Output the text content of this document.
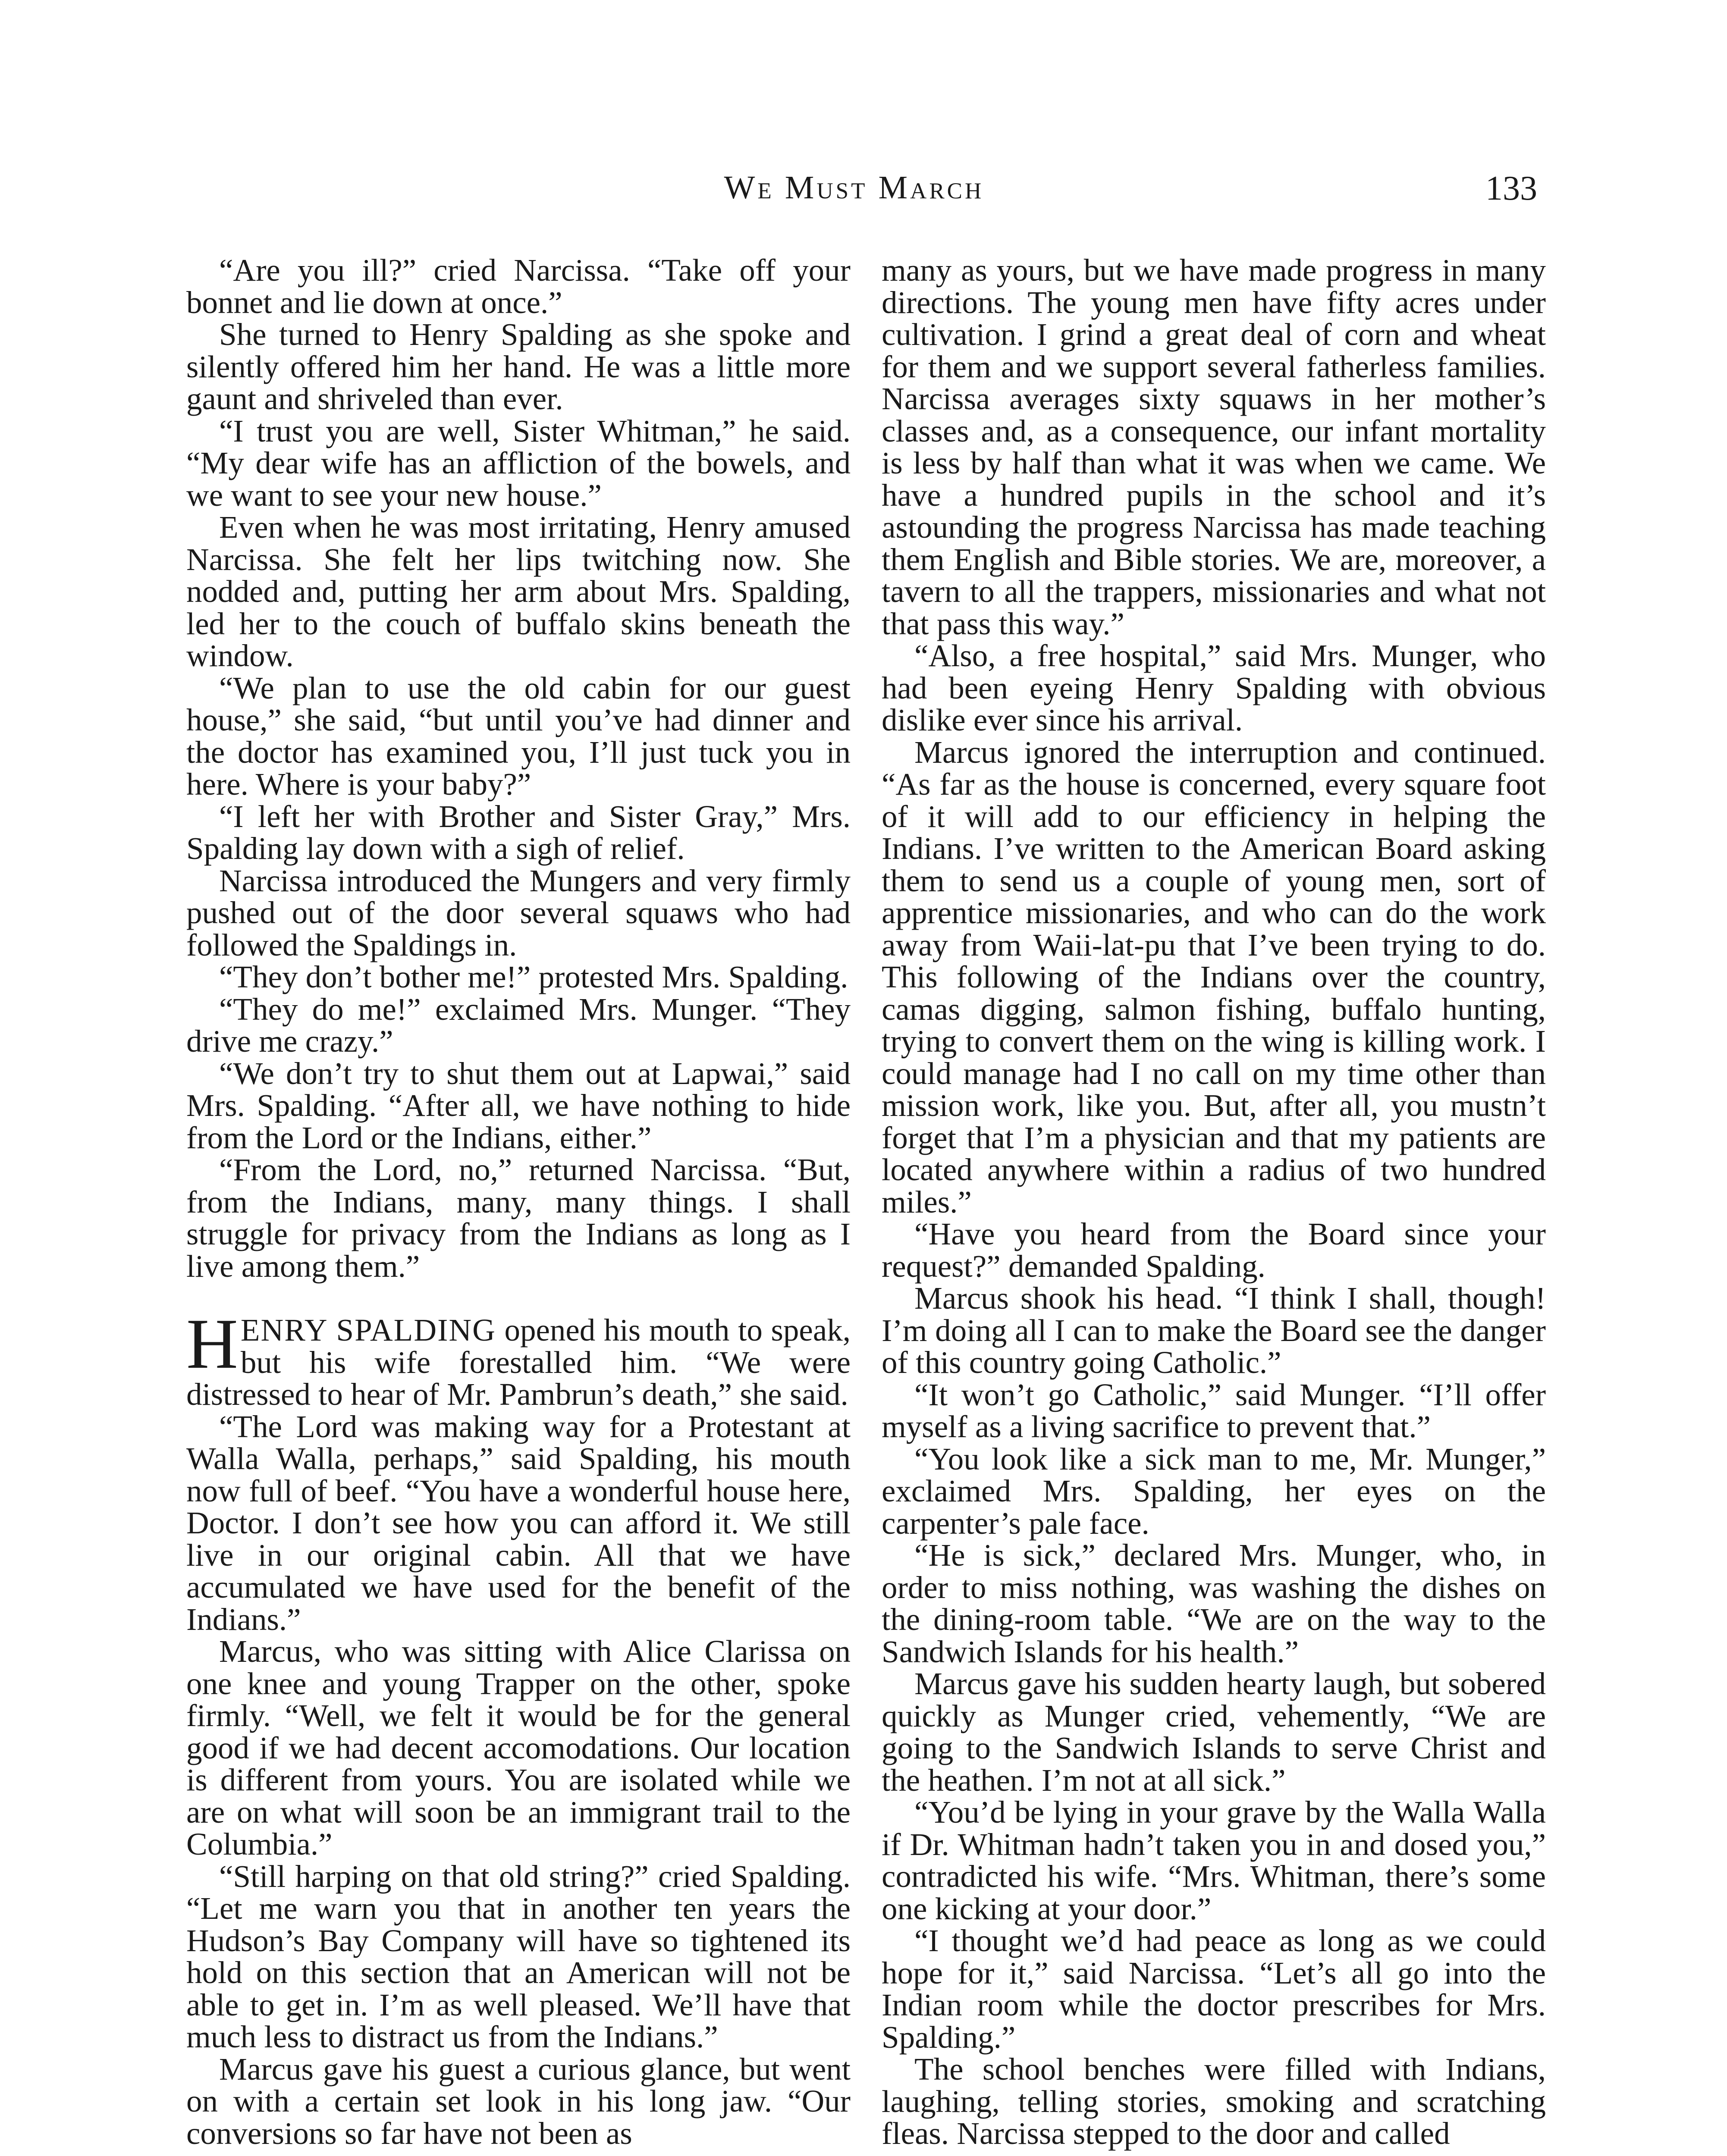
We Must March	133

“Are you ill?” cried Narcissa. “Take off your bonnet and lie down at once.”

She turned to Henry Spalding as she spoke and silently offered him her hand. He was a little more gaunt and shriveled than ever.

“I trust you are well, Sister Whitman,” he said. “My dear wife has an affliction of the bowels, and we want to see your new house.”

Even when he was most irritating, Henry amused Narcissa. She felt her lips twitching now. She nodded and, putting her arm about Mrs. Spalding, led her to the couch of buffalo skins beneath the window.

“We plan to use the old cabin for our guest house,” she said, “but until you’ve had dinner and the doctor has examined you, I’ll just tuck you in here. Where is your baby?”

“I left her with Brother and Sister Gray,” Mrs. Spalding lay down with a sigh of relief.

Narcissa introduced the Mungers and very firmly pushed out of the door several squaws who had followed the Spaldings in.

“They don’t bother me!” protested Mrs. Spalding.

“They do me!” exclaimed Mrs. Munger. “They drive me crazy.”

“We don’t try to shut them out at Lapwai,” said Mrs. Spalding. “After all, we have nothing to hide from the Lord or the Indians, either.”

“From the Lord, no,” returned Narcissa. “But, from the Indians, many, many things. I shall struggle for privacy from the Indians as long as I live among them.”

HENRY SPALDING opened his mouth to speak, but his wife forestalled him. “We were distressed to hear of Mr. Pambrun’s death,” she said.

“The Lord was making way for a Protestant at Walla Walla, perhaps,” said Spalding, his mouth now full of beef. “You have a wonderful house here, Doctor. I don’t see how you can afford it. We still live in our original cabin. All that we have accumulated we have used for the benefit of the Indians.”

Marcus, who was sitting with Alice Clarissa on one knee and young Trapper on the other, spoke firmly. “Well, we felt it would be for the general good if we had decent accomodations. Our location is different from yours. You are isolated while we are on what will soon be an immigrant trail to the Columbia.”

“Still harping on that old string?” cried Spalding. “Let me warn you that in another ten years the Hudson’s Bay Company will have so tightened its hold on this section that an American will not be able to get in. I’m as well pleased. We’ll have that much less to distract us from the Indians.”

Marcus gave his guest a curious glance, but went on with a certain set look in his long jaw. “Our conversions so far have not been as

many as yours, but we have made progress in many directions. The young men have fifty acres under cultivation. I grind a great deal of corn and wheat for them and we support several fatherless families. Narcissa averages sixty squaws in her mother’s classes and, as a consequence, our infant mortality is less by half than what it was when we came. We have a hundred pupils in the school and it’s astounding the progress Narcissa has made teaching them English and Bible stories. We are, moreover, a tavern to all the trappers, missionaries and what not that pass this way.”

“Also, a free hospital,” said Mrs. Munger, who had been eyeing Henry Spalding with obvious dislike ever since his arrival.

Marcus ignored the interruption and continued. “As far as the house is concerned, every square foot of it will add to our efficiency in helping the Indians. I’ve written to the American Board asking them to send us a couple of young men, sort of apprentice missionaries, and who can do the work away from Waii-lat-pu that I’ve been trying to do. This following of the Indians over the country, camas digging, salmon fishing, buffalo hunting, trying to convert them on the wing is killing work. I could manage had I no call on my time other than mission work, like you. But, after all, you mustn’t forget that I’m a physician and that my patients are located anywhere within a radius of two hundred miles.”

“Have you heard from the Board since your request?” demanded Spalding.

Marcus shook his head. “I think I shall, though! I’m doing all I can to make the Board see the danger of this country going Catholic.”

“It won’t go Catholic,” said Munger. “I’ll offer myself as a living sacrifice to prevent that.”

“You look like a sick man to me, Mr. Munger,” exclaimed Mrs. Spalding, her eyes on the carpenter’s pale face.

“He is sick,” declared Mrs. Munger, who, in order to miss nothing, was washing the dishes on the dining-room table. “We are on the way to the Sandwich Islands for his health.”

Marcus gave his sudden hearty laugh, but sobered quickly as Munger cried, vehemently, “We are going to the Sandwich Islands to serve Christ and the heathen. I’m not at all sick.”

“You’d be lying in your grave by the Walla Walla if Dr. Whitman hadn’t taken you in and dosed you,” contradicted his wife. “Mrs. Whitman, there’s some one kicking at your door.”

“I thought we’d had peace as long as we could hope for it,” said Narcissa. “Let’s all go into the Indian room while the doctor prescribes for Mrs. Spalding.”

The school benches were filled with Indians, laughing, telling stories, smoking and scratching fleas. Narcissa stepped to the door and called
